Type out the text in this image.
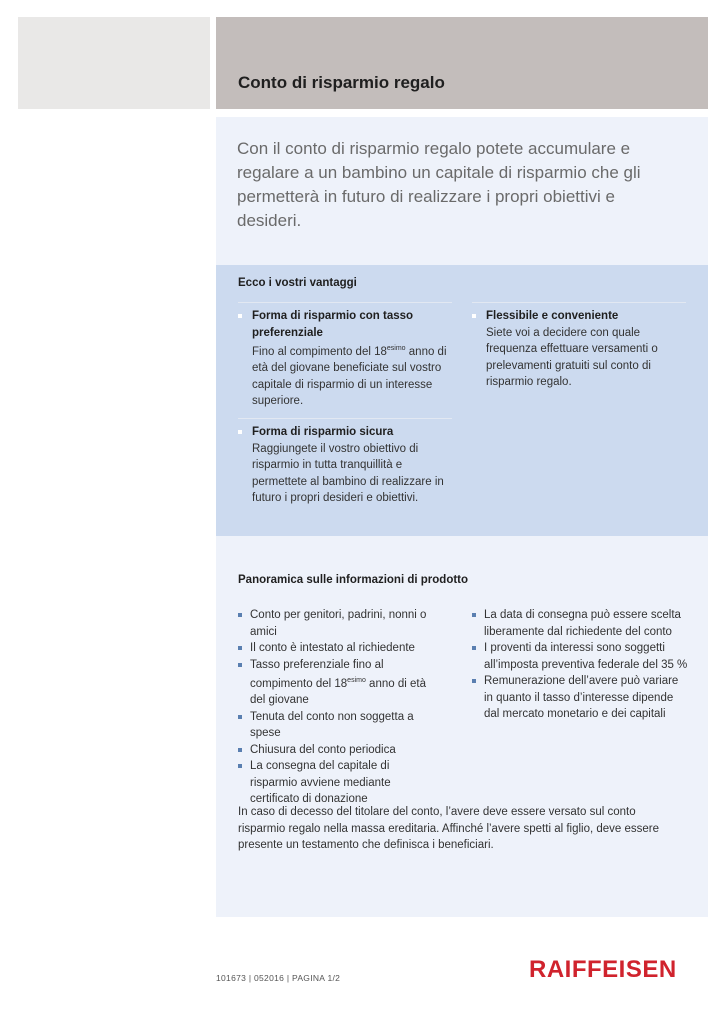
Conto di risparmio regalo

Con il conto di risparmio regalo potete accumulare e regalare a un bambino un capitale di risparmio che gli permetterà in futuro di realizzare i propri obiettivi e desideri.

Ecco i vostri vantaggi
Forma di risparmio con tasso preferenziale
Fino al compimento del $18^{esimo}$ anno di età del giovane beneficiate sul vostro capitale di risparmio di un interesse superiore.
Forma di risparmio sicura
Raggiungete il vostro obiettivo di risparmio in tutta tranquillità e permettete al bambino di realizzare in futuro i propri desideri e obiettivi.
Flessibile e conveniente
Siete voi a decidere con quale frequenza effettuare versamenti o prelevamenti gratuiti sul conto di risparmio regalo.
Panoramica sulle informazioni di prodotto
Conto per genitori, padrini, nonni o amici
Il conto è intestato al richiedente
Tasso preferenziale fino al compimento del $18^{esimo}$ anno di età del giovane
Tenuta del conto non soggetta a spese
Chiusura del conto periodica
La consegna del capitale di risparmio avviene mediante certificato di donazione
La data di consegna può essere scelta liberamente dal richiedente del conto
I proventi da interessi sono soggetti all’imposta preventiva federale del 35 %
Remunerazione dell’avere può variare in quanto il tasso d’interesse dipende dal mercato monetario e dei capitali

In caso di decesso del titolare del conto, l’avere deve essere versato sul conto risparmio regalo nella massa ereditaria. Affinché l’avere spetti al figlio, deve essere presente un testamento che definisca i beneficiari.

101673 | 052016 | PAGINA 1/2	RAIFFEISEN
